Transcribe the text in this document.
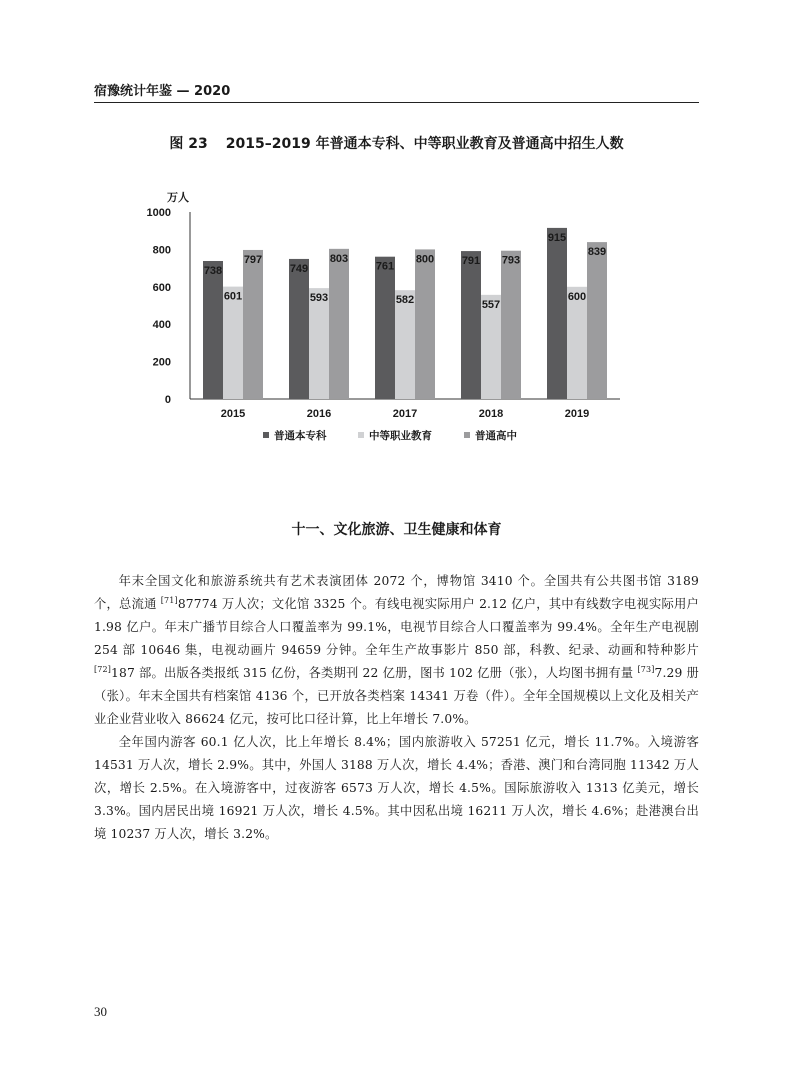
宿豫统计年鉴 — 2020
图 23 2015–2019 年普通本专科、中等职业教育及普通高中招生人数
万人
0
200
400
600
800
1000
738
601
797
2015
749
593
803
2016
761
582
800
2017
791
557
793
2018
915
600
839
2019
普通本专科	中等职业教育	普通高中
十一、文化旅游、卫生健康和体育

年末全国文化和旅游系统共有艺术表演团体 2072 个，博物馆 3410 个。全国共有公共图书馆 3189 个，总流通 [71]87774 万人次；文化馆 3325 个。有线电视实际用户 2.12 亿户，其中有线数字电视实际用户 1.98 亿户。年末广播节目综合人口覆盖率为 99.1%，电视节目综合人口覆盖率为 99.4%。全年生产电视剧 254 部 10646 集，电视动画片 94659 分钟。全年生产故事影片 850 部，科教、纪录、动画和特种影片 [72]187 部。出版各类报纸 315 亿份，各类期刊 22 亿册，图书 102 亿册（张），人均图书拥有量 [73]7.29 册（张）。年末全国共有档案馆 4136 个，已开放各类档案 14341 万卷（件）。全年全国规模以上文化及相关产业企业营业收入 86624 亿元，按可比口径计算，比上年增长 7.0%。

全年国内游客 60.1 亿人次，比上年增长 8.4%；国内旅游收入 57251 亿元，增长 11.7%。入境游客 14531 万人次，增长 2.9%。其中，外国人 3188 万人次，增长 4.4%；香港、澳门和台湾同胞 11342 万人次，增长 2.5%。在入境游客中，过夜游客 6573 万人次，增长 4.5%。国际旅游收入 1313 亿美元，增长 3.3%。国内居民出境 16921 万人次，增长 4.5%。其中因私出境 16211 万人次，增长 4.6%；赴港澳台出境 10237 万人次，增长 3.2%。

30
